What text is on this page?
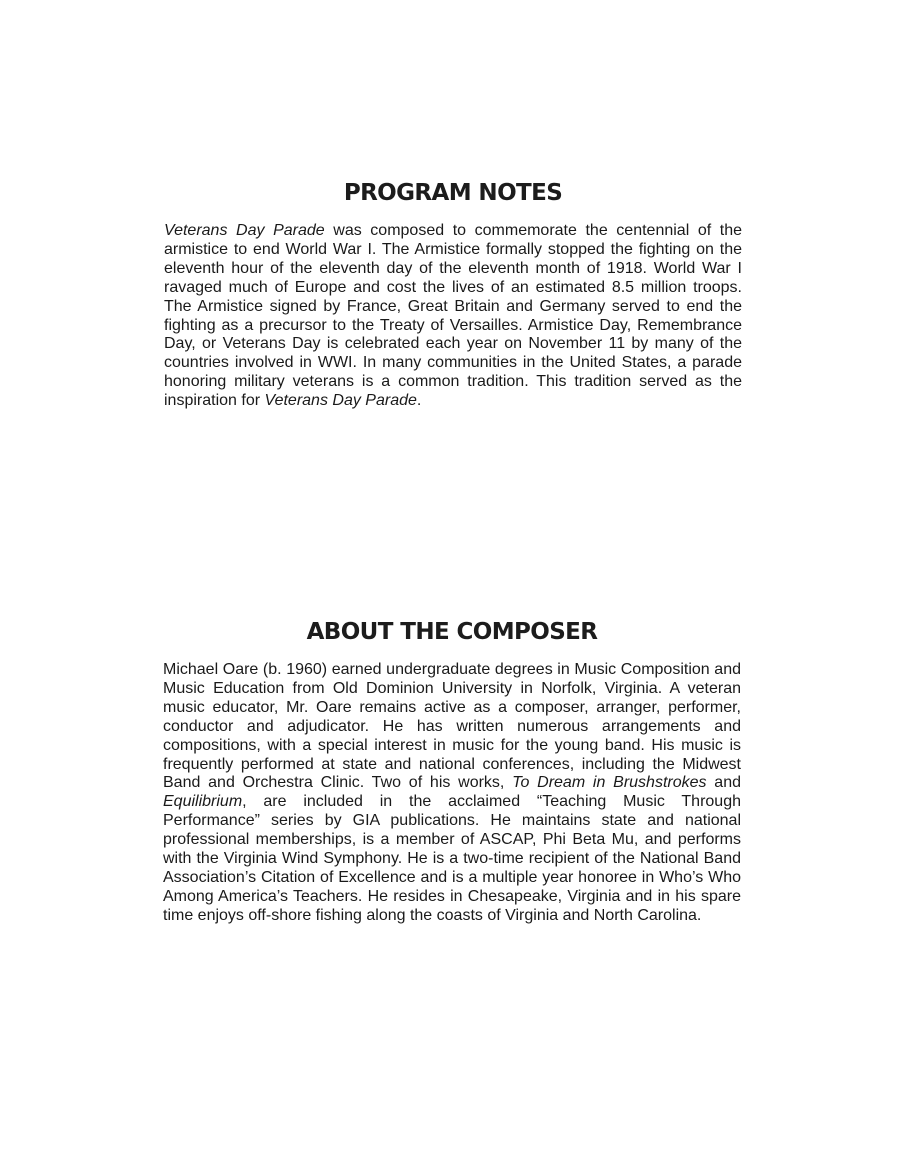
PROGRAM NOTES

Veterans Day Parade was composed to commemorate the centennial of the armistice to end World War I. The Armistice formally stopped the fighting on the eleventh hour of the eleventh day of the eleventh month of 1918. World War I ravaged much of Europe and cost the lives of an estimated 8.5 million troops. The Armistice signed by France, Great Britain and Germany served to end the fighting as a precursor to the Treaty of Versailles. Armistice Day, Remembrance Day, or Veterans Day is celebrated each year on November 11 by many of the countries involved in WWI. In many communities in the United States, a parade honoring military veterans is a common tradition. This tradition served as the inspiration for Veterans Day Parade.

ABOUT THE COMPOSER

Michael Oare (b. 1960) earned undergraduate degrees in Music Composition and Music Education from Old Dominion University in Norfolk, Virginia. A veteran music educator, Mr. Oare remains active as a composer, arranger, performer, conductor and adjudicator. He has written numerous arrangements and compositions, with a special interest in music for the young band. His music is frequently performed at state and national conferences, including the Midwest Band and Orchestra Clinic. Two of his works, To Dream in Brushstrokes and Equilibrium, are included in the acclaimed “Teaching Music Through Performance” series by GIA publications. He maintains state and national professional memberships, is a member of ASCAP, Phi Beta Mu, and performs with the Virginia Wind Symphony. He is a two-time recipient of the National Band Association’s Citation of Excellence and is a multiple year honoree in Who’s Who Among America’s Teachers. He resides in Chesapeake, Virginia and in his spare time enjoys off-shore fishing along the coasts of Virginia and North Carolina.
